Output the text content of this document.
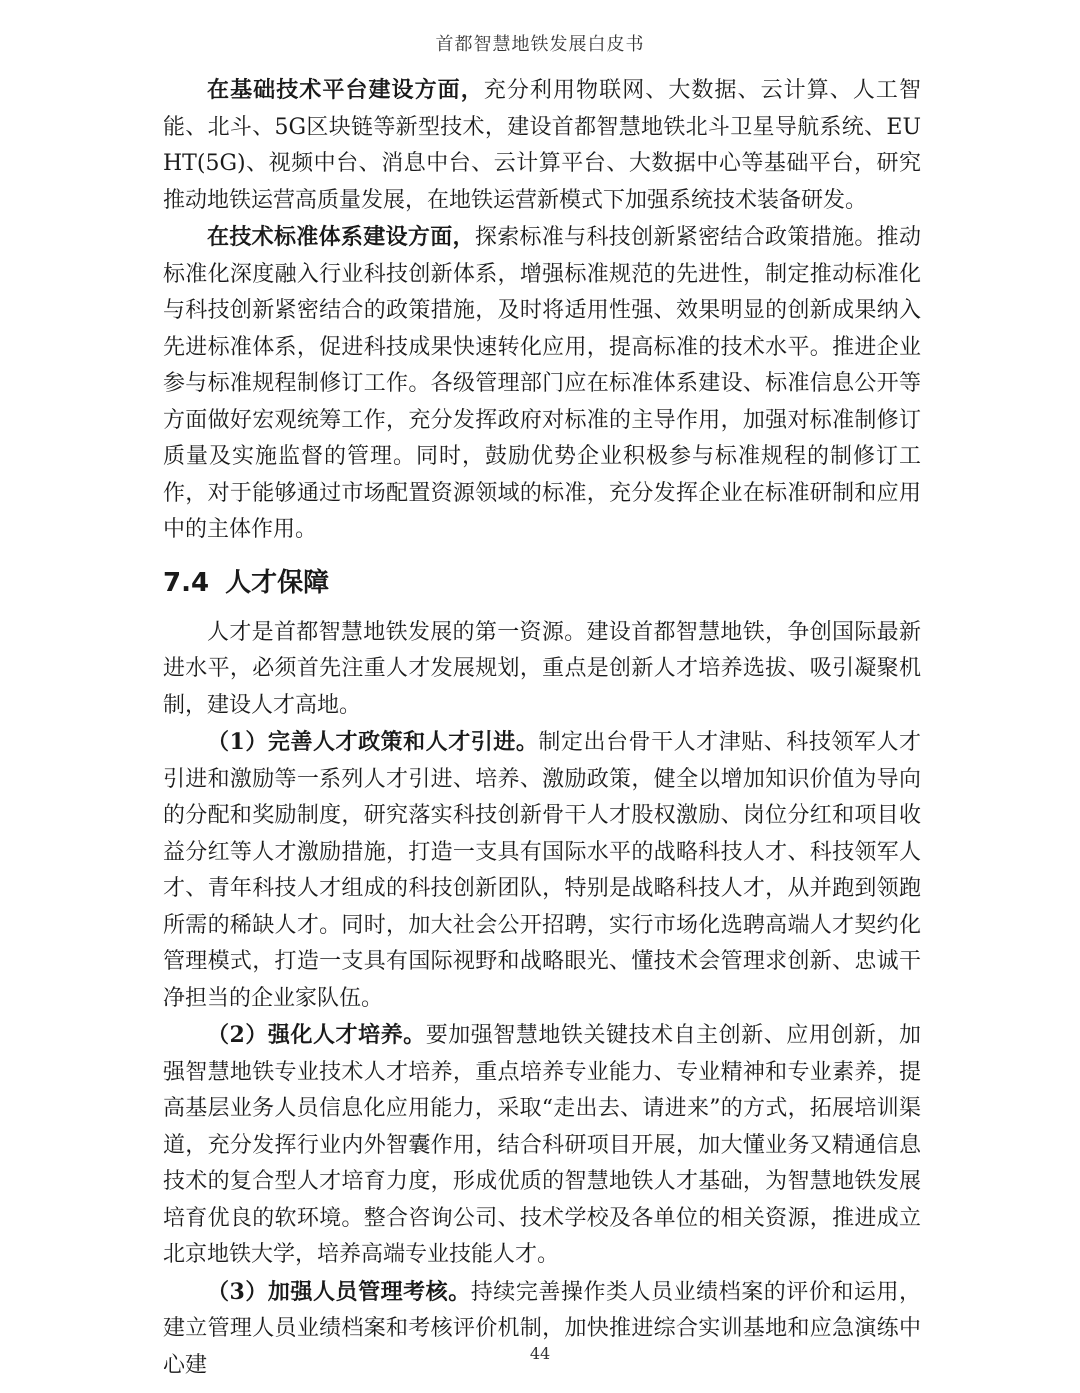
首都智慧地铁发展白皮书

在基础技术平台建设方面，充分利用物联网、大数据、云计算、人工智能、北斗、5G区块链等新型技术，建设首都智慧地铁北斗卫星导航系统、EUHT(5G)、视频中台、消息中台、云计算平台、大数据中心等基础平台，研究推动地铁运营高质量发展，在地铁运营新模式下加强系统技术装备研发。

在技术标准体系建设方面，探索标准与科技创新紧密结合政策措施。推动标准化深度融入行业科技创新体系，增强标准规范的先进性，制定推动标准化与科技创新紧密结合的政策措施，及时将适用性强、效果明显的创新成果纳入先进标准体系，促进科技成果快速转化应用，提高标准的技术水平。推进企业参与标准规程制修订工作。各级管理部门应在标准体系建设、标准信息公开等方面做好宏观统筹工作，充分发挥政府对标准的主导作用，加强对标准制修订质量及实施监督的管理。同时，鼓励优势企业积极参与标准规程的制修订工作，对于能够通过市场配置资源领域的标准，充分发挥企业在标准研制和应用中的主体作用。

7.4 人才保障

人才是首都智慧地铁发展的第一资源。建设首都智慧地铁，争创国际最新进水平，必须首先注重人才发展规划，重点是创新人才培养选拔、吸引凝聚机制，建设人才高地。

（1）完善人才政策和人才引进。制定出台骨干人才津贴、科技领军人才引进和激励等一系列人才引进、培养、激励政策，健全以增加知识价值为导向的分配和奖励制度，研究落实科技创新骨干人才股权激励、岗位分红和项目收益分红等人才激励措施，打造一支具有国际水平的战略科技人才、科技领军人才、青年科技人才组成的科技创新团队，特别是战略科技人才，从并跑到领跑所需的稀缺人才。同时，加大社会公开招聘，实行市场化选聘高端人才契约化管理模式，打造一支具有国际视野和战略眼光、懂技术会管理求创新、忠诚干净担当的企业家队伍。

（2）强化人才培养。要加强智慧地铁关键技术自主创新、应用创新，加强智慧地铁专业技术人才培养，重点培养专业能力、专业精神和专业素养，提高基层业务人员信息化应用能力，采取“走出去、请进来”的方式，拓展培训渠道，充分发挥行业内外智囊作用，结合科研项目开展，加大懂业务又精通信息技术的复合型人才培育力度，形成优质的智慧地铁人才基础，为智慧地铁发展培育优良的软环境。整合咨询公司、技术学校及各单位的相关资源，推进成立北京地铁大学，培养高端专业技能人才。

（3）加强人员管理考核。持续完善操作类人员业绩档案的评价和运用，建立管理人员业绩档案和考核评价机制，加快推进综合实训基地和应急演练中心建	44
